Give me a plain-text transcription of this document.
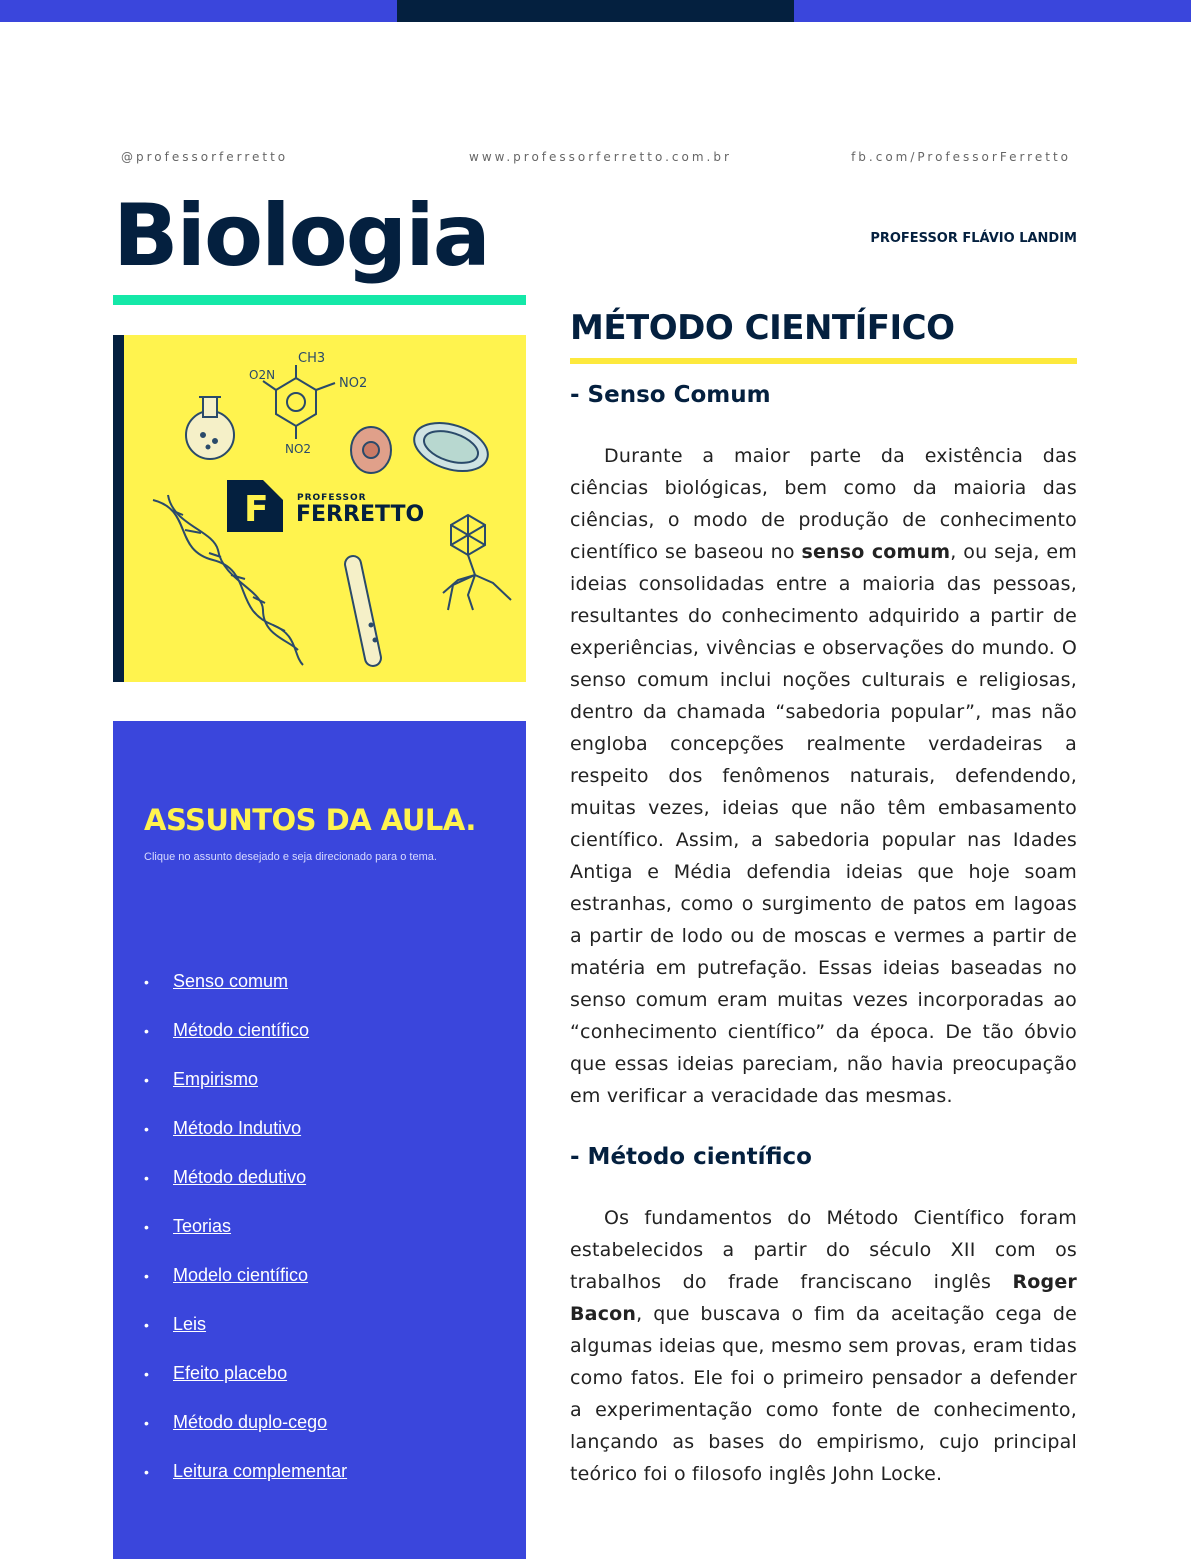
@professorferretto	www.professorferretto.com.br	fb.com/ProfessorFerretto
Biologia	PROFESSOR FLÁVIO LANDIM
CH3
O2N
NO2
NO2
F	PROFESSOR
FERRETTO
ASSUNTOS DA AULA.
Clique no assunto desejado e seja direcionado para o tema.
•	Senso comum
•	Método científico
•	Empirismo
•	Método Indutivo
•	Método dedutivo
•	Teorias
•	Modelo científico
•	Leis
•	Efeito placebo
•	Método duplo-cego
•	Leitura complementar
MÉTODO CIENTÍFICO
- Senso Comum

Durante a maior parte da existência das ciências biológicas, bem como da maioria das ciências, o modo de produção de conhecimento científico se baseou no senso comum, ou seja, em ideias consolidadas entre a maioria das pessoas, resultantes do conhecimento adquirido a partir de experiências, vivências e observações do mundo. O senso comum inclui noções culturais e religiosas, dentro da chamada “sabedoria popular”, mas não engloba concepções realmente verdadeiras a respeito dos fenômenos naturais, defendendo, muitas vezes, ideias que não têm embasamento científico. Assim, a sabedoria popular nas Idades Antiga e Média defendia ideias que hoje soam estranhas, como o surgimento de patos em lagoas a partir de lodo ou de moscas e vermes a partir de matéria em putrefação. Essas ideias baseadas no senso comum eram muitas vezes incorporadas ao “conhecimento científico” da época. De tão óbvio que essas ideias pareciam, não havia preocupação em verificar a veracidade das mesmas.

- Método científico

Os fundamentos do Método Científico foram estabelecidos a partir do século XII com os trabalhos do frade franciscano inglês Roger Bacon, que buscava o fim da aceitação cega de algumas ideias que, mesmo sem provas, eram tidas como fatos. Ele foi o primeiro pensador a defender a experimentação como fonte de conhecimento, lançando as bases do empirismo, cujo principal teórico foi o filosofo inglês John Locke.
